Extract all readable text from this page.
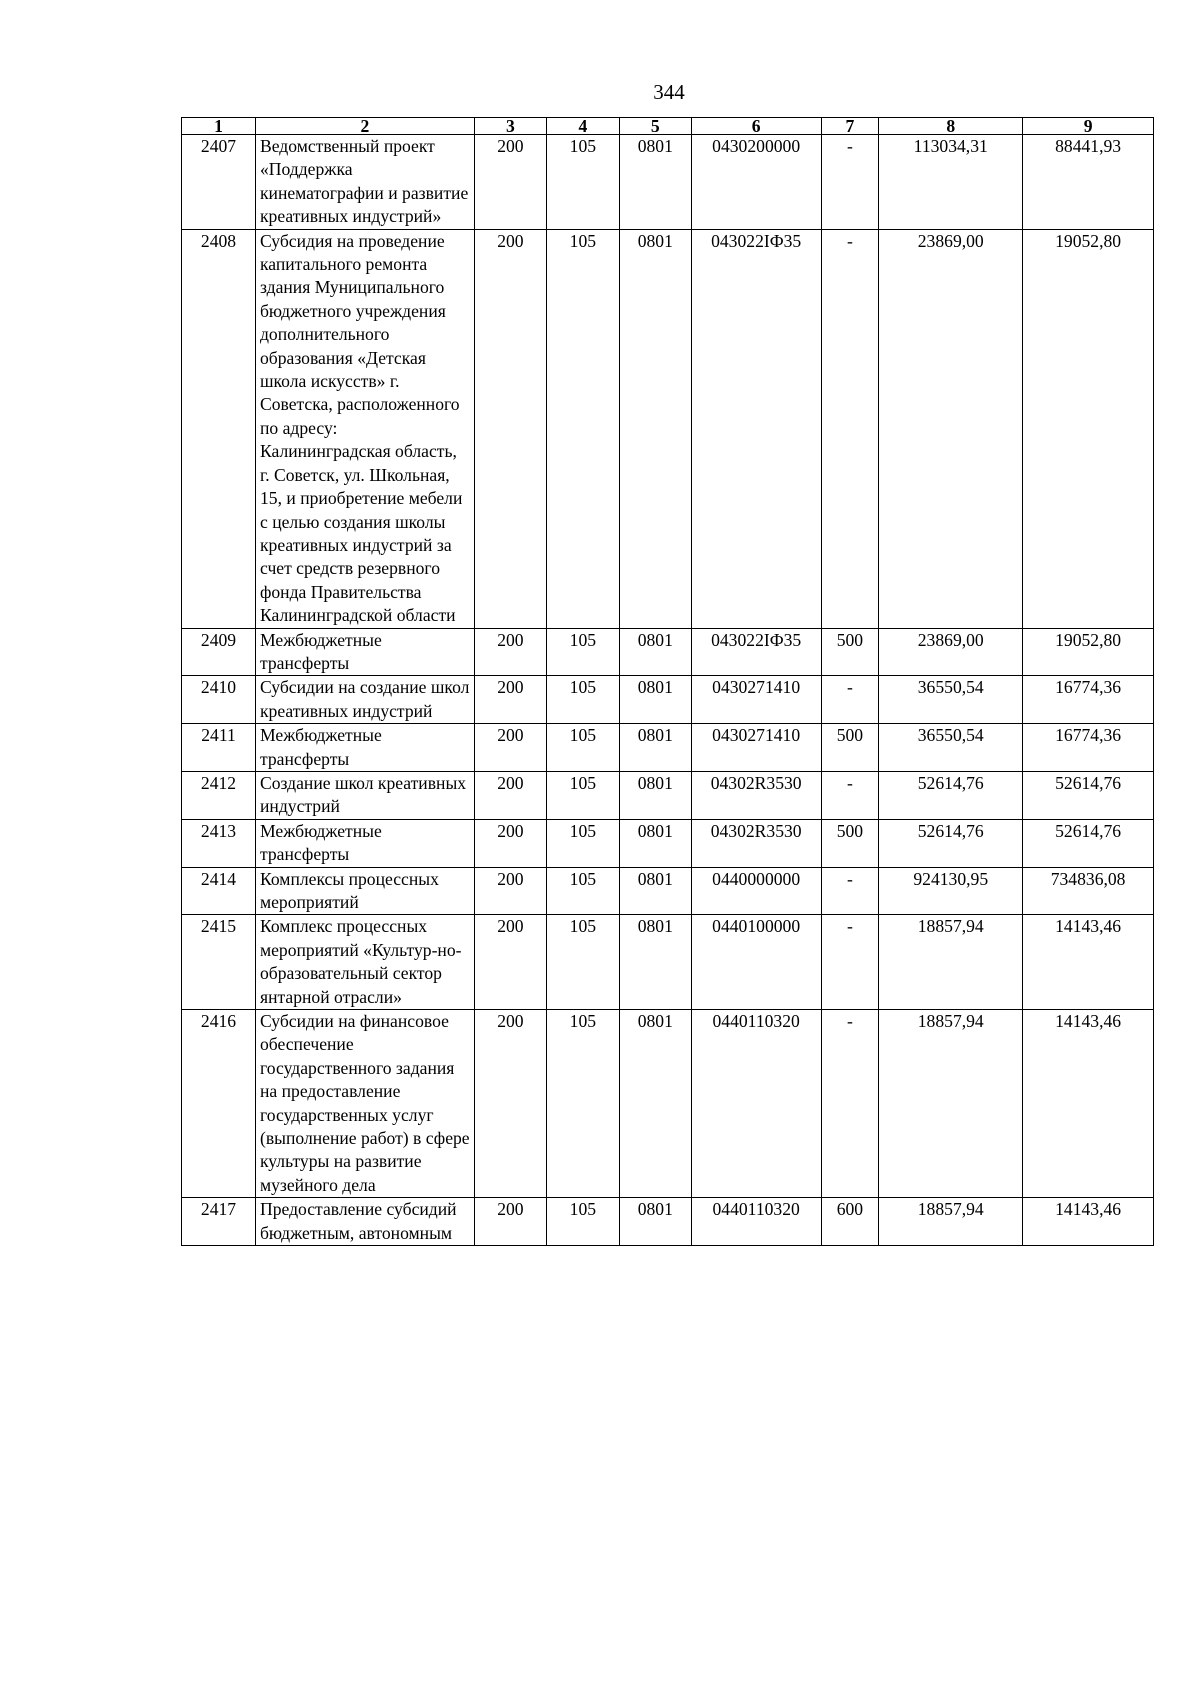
344
1	2	3	4	5	6	7	8	9
2407	Ведомственный проект «Поддержка кинематографии и развитие креативных индустрий»	200	105	0801	0430200000	-	113034,31	88441,93
2408	Субсидия на проведение капитального ремонта здания Муниципального бюджетного учреждения дополнительного образования «Детская школа искусств» г. Советска, расположенного по адресу: Калининградская область, г. Советск, ул. Школьная, 15, и приобретение мебели с целью создания школы креативных индустрий за счет средств резервного фонда Правительства Калининградской области	200	105	0801	043022IФ35	-	23869,00	19052,80
2409	Межбюджетные трансферты	200	105	0801	043022IФ35	500	23869,00	19052,80
2410	Субсидии на создание школ креативных индустрий	200	105	0801	0430271410	-	36550,54	16774,36
2411	Межбюджетные трансферты	200	105	0801	0430271410	500	36550,54	16774,36
2412	Создание школ креативных индустрий	200	105	0801	04302R3530	-	52614,76	52614,76
2413	Межбюджетные трансферты	200	105	0801	04302R3530	500	52614,76	52614,76
2414	Комплексы процессных мероприятий	200	105	0801	0440000000	-	924130,95	734836,08
2415	Комплекс процессных мероприятий «Культур-но-образовательный сектор янтарной отрасли»	200	105	0801	0440100000	-	18857,94	14143,46
2416	Субсидии на финансовое обеспечение государственного задания на предоставление государственных услуг (выполнение работ) в сфере культуры на развитие музейного дела	200	105	0801	0440110320	-	18857,94	14143,46
2417	Предоставление субсидий бюджетным, автономным	200	105	0801	0440110320	600	18857,94	14143,46
